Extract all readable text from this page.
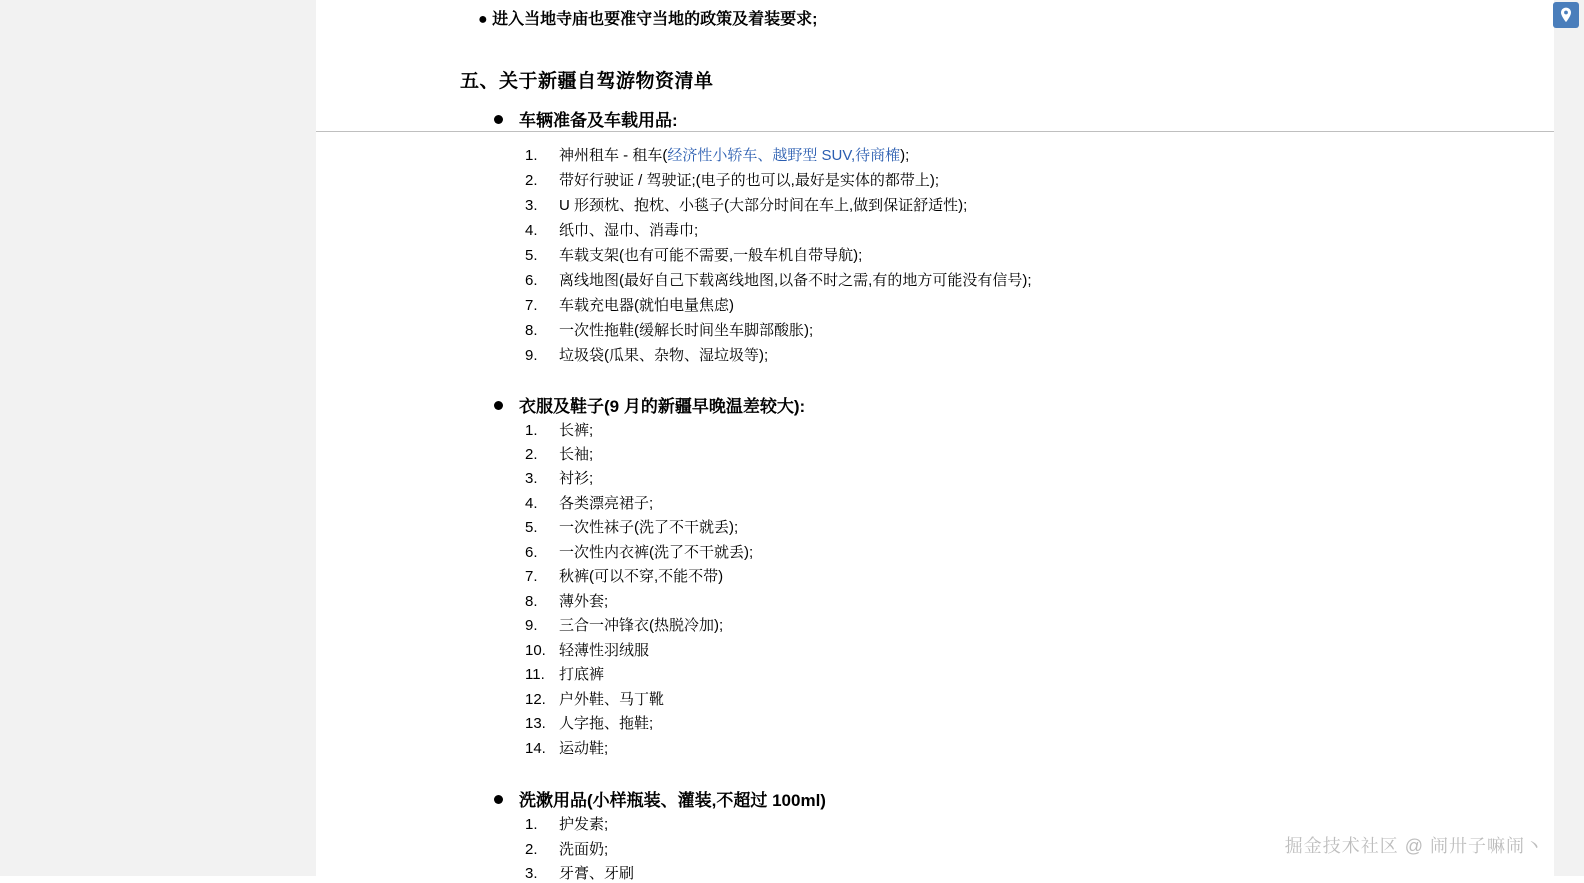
● 进入当地寺庙也要准守当地的政策及着装要求;
五、关于新疆自驾游物资清单
车辆准备及车载用品:
1. 神州租车 - 租车(经济性小轿车、越野型 SUV,待商榷);
2. 带好行驶证 / 驾驶证;(电子的也可以,最好是实体的都带上);
3. U 形颈枕、抱枕、小毯子(大部分时间在车上,做到保证舒适性);
4. 纸巾、湿巾、消毒巾;
5. 车载支架(也有可能不需要,一般车机自带导航);
6. 离线地图(最好自己下载离线地图,以备不时之需,有的地方可能没有信号);
7. 车载充电器(就怕电量焦虑)
8. 一次性拖鞋(缓解长时间坐车脚部酸胀);
9. 垃圾袋(瓜果、杂物、湿垃圾等);
衣服及鞋子(9 月的新疆早晚温差较大):
1. 长裤;
2. 长袖;
3. 衬衫;
4. 各类漂亮裙子;
5. 一次性袜子(洗了不干就丢);
6. 一次性内衣裤(洗了不干就丢);
7. 秋裤(可以不穿,不能不带)
8. 薄外套;
9. 三合一冲锋衣(热脱冷加);
10. 轻薄性羽绒服
11. 打底裤
12. 户外鞋、马丁靴
13. 人字拖、拖鞋;
14. 运动鞋;
洗漱用品(小样瓶装、灌装,不超过 100ml)
1. 护发素;
2. 洗面奶;
3. 牙膏、牙刷
掘金技术社区 @ 闹卅子嘛闹丶
